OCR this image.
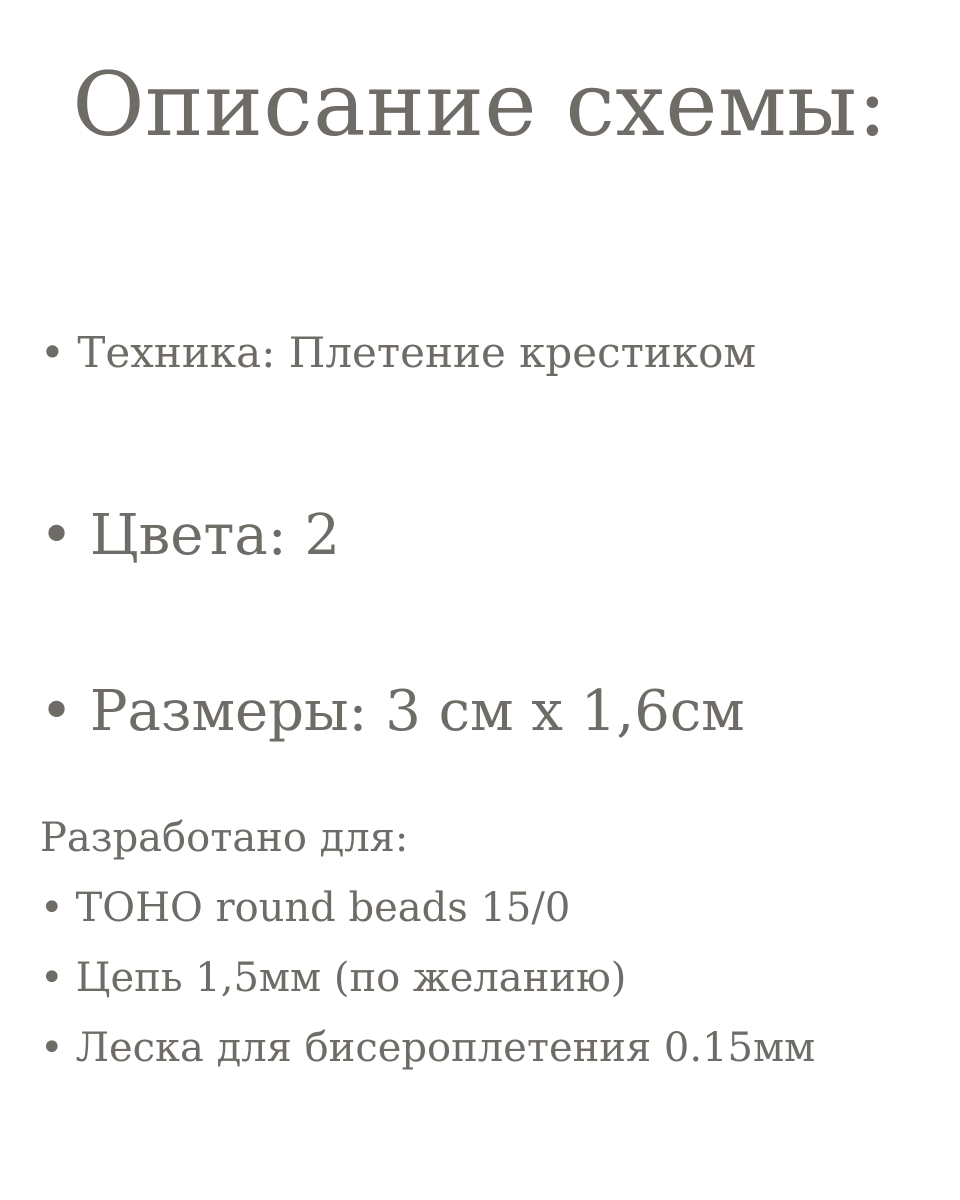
Описание схемы:

• Техника: Плетение крестиком

• Цвета: 2

• Размеры: 3 см х 1,6см

Разработано для:

• ТОНО round beads 15/0

• Цепь 1,5мм (по желанию)

• Леска для бисероплетения 0.15мм
